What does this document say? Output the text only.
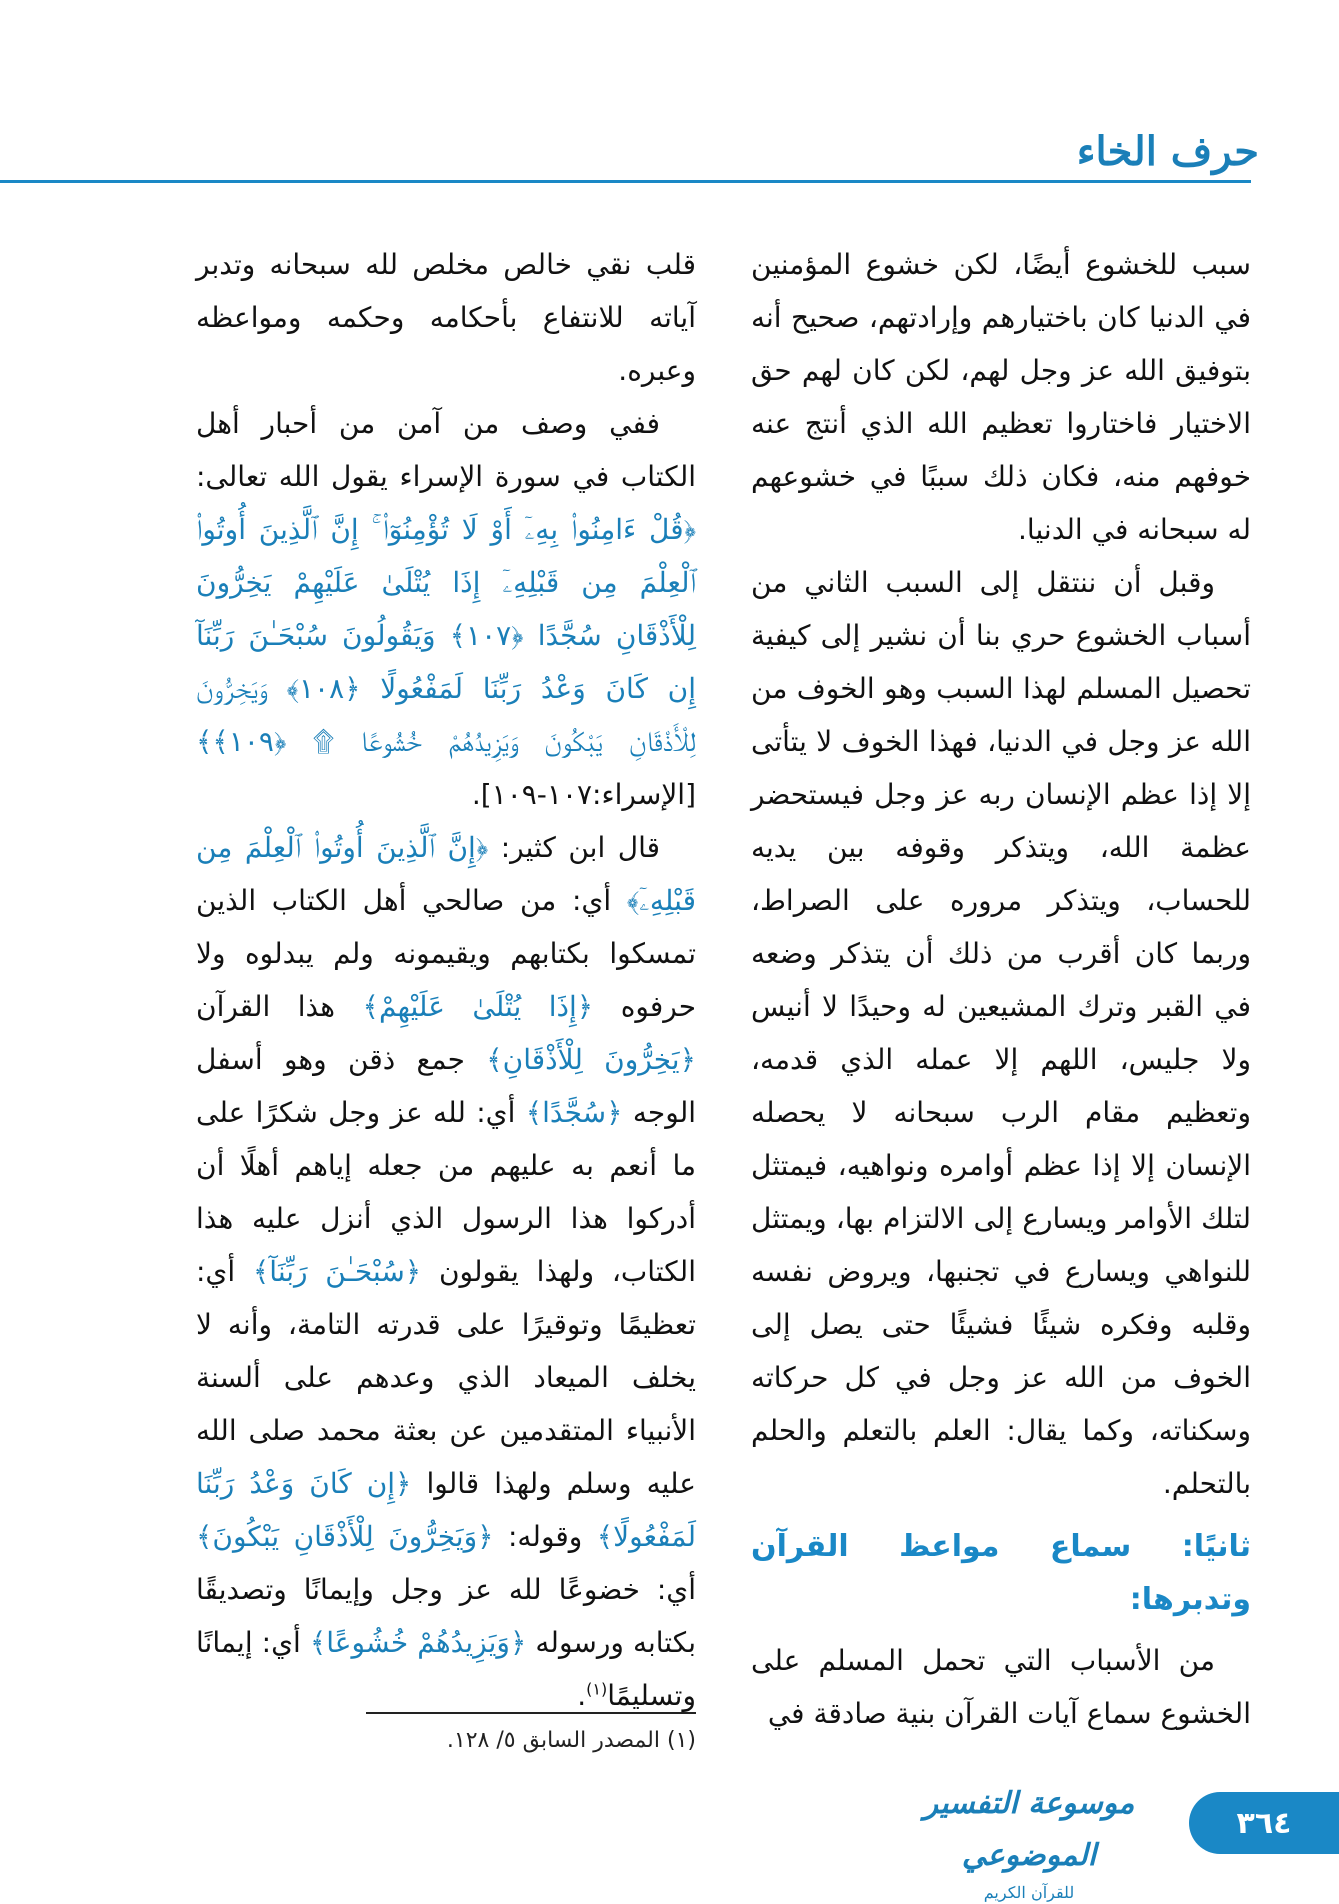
حرف الخاء

سبب للخشوع أيضًا، لكن خشوع المؤمنين في الدنيا كان باختيارهم وإرادتهم، صحيح أنه بتوفيق الله عز وجل لهم، لكن كان لهم حق الاختيار فاختاروا تعظيم الله الذي أنتج عنه خوفهم منه، فكان ذلك سببًا في خشوعهم له سبحانه في الدنيا.

وقبل أن ننتقل إلى السبب الثاني من أسباب الخشوع حري بنا أن نشير إلى كيفية تحصيل المسلم لهذا السبب وهو الخوف من الله عز وجل في الدنيا، فهذا الخوف لا يتأتى إلا إذا عظم الإنسان ربه عز وجل فيستحضر عظمة الله، ويتذكر وقوفه بين يديه للحساب، ويتذكر مروره على الصراط، وربما كان أقرب من ذلك أن يتذكر وضعه في القبر وترك المشيعين له وحيدًا لا أنيس ولا جليس، اللهم إلا عمله الذي قدمه، وتعظيم مقام الرب سبحانه لا يحصله الإنسان إلا إذا عظم أوامره ونواهيه، فيمتثل لتلك الأوامر ويسارع إلى الالتزام بها، ويمتثل للنواهي ويسارع في تجنبها، ويروض نفسه وقلبه وفكره شيئًا فشيئًا حتى يصل إلى الخوف من الله عز وجل في كل حركاته وسكناته، وكما يقال: العلم بالتعلم والحلم بالتحلم.

ثانيًا: سماع مواعظ القرآن وتدبرها:

من الأسباب التي تحمل المسلم على الخشوع سماع آيات القرآن بنية صادقة في

قلب نقي خالص مخلص لله سبحانه وتدبر آياته للانتفاع بأحكامه وحكمه ومواعظه وعبره.

ففي وصف من آمن من أحبار أهل الكتاب في سورة الإسراء يقول الله تعالى: ﴿قُلْ ءَامِنُوا۟ بِهِۦٓ أَوْ لَا تُؤْمِنُوٓا۟ ۚ إِنَّ ٱلَّذِينَ أُوتُوا۟ ٱلْعِلْمَ مِن قَبْلِهِۦٓ إِذَا يُتْلَىٰ عَلَيْهِمْ يَخِرُّونَ لِلْأَذْقَانِ سُجَّدًا ﴿١٠٧﴾ وَيَقُولُونَ سُبْحَـٰنَ رَبِّنَآ إِن كَانَ وَعْدُ رَبِّنَا لَمَفْعُولًا ﴿١٠٨﴾ وَيَخِرُّونَ لِلْأَذْقَانِ يَبْكُونَ وَيَزِيدُهُمْ خُشُوعًا ۩ ﴿١٠٩﴾﴾ [الإسراء:١٠٧-١٠٩].

قال ابن كثير: ﴿إِنَّ ٱلَّذِينَ أُوتُوا۟ ٱلْعِلْمَ مِن قَبْلِهِۦٓ﴾ أي: من صالحي أهل الكتاب الذين تمسكوا بكتابهم ويقيمونه ولم يبدلوه ولا حرفوه ﴿إِذَا يُتْلَىٰ عَلَيْهِمْ﴾ هذا القرآن ﴿يَخِرُّونَ لِلْأَذْقَانِ﴾ جمع ذقن وهو أسفل الوجه ﴿سُجَّدًا﴾ أي: لله عز وجل شكرًا على ما أنعم به عليهم من جعله إياهم أهلًا أن أدركوا هذا الرسول الذي أنزل عليه هذا الكتاب، ولهذا يقولون ﴿سُبْحَـٰنَ رَبِّنَآ﴾ أي: تعظيمًا وتوقيرًا على قدرته التامة، وأنه لا يخلف الميعاد الذي وعدهم على ألسنة الأنبياء المتقدمين عن بعثة محمد صلى الله عليه وسلم ولهذا قالوا ﴿إِن كَانَ وَعْدُ رَبِّنَا لَمَفْعُولًا﴾ وقوله: ﴿وَيَخِرُّونَ لِلْأَذْقَانِ يَبْكُونَ﴾ أي: خضوعًا لله عز وجل وإيمانًا وتصديقًا بكتابه ورسوله ﴿وَيَزِيدُهُمْ خُشُوعًا﴾ أي: إيمانًا وتسليمًا$^{(١)}$.

(١) المصدر السابق ٥/ ١٢٨.
٣٦٤
موسوعة التفسير الموضوعي
للقرآن الكريم
